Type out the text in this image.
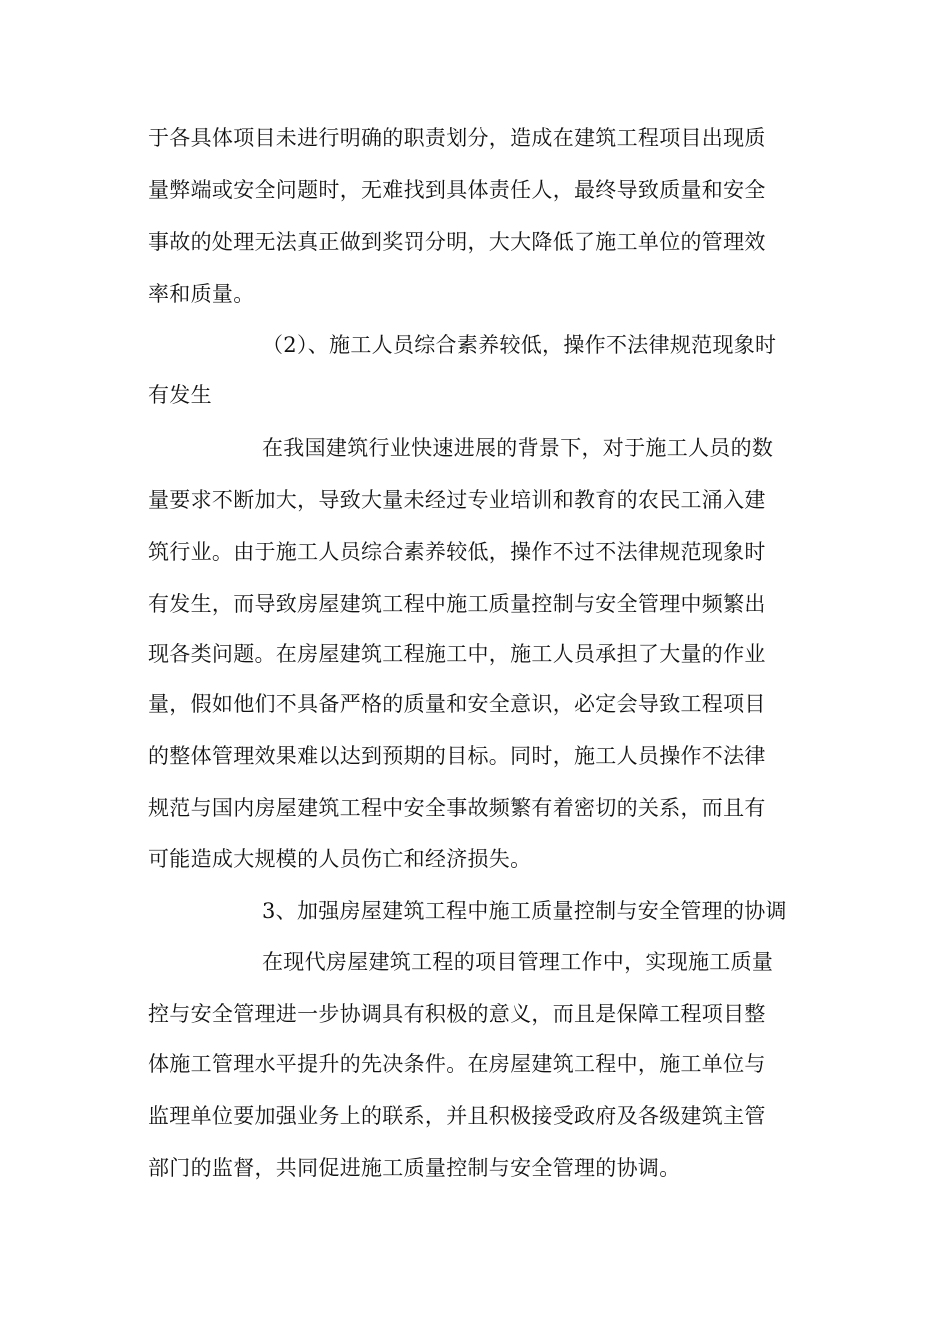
于各具体项目未进行明确的职责划分，造成在建筑工程项目出现质
量弊端或安全问题时，无难找到具体责任人，最终导致质量和安全
事故的处理无法真正做到奖罚分明，大大降低了施工单位的管理效
率和质量。
（2）、施工人员综合素养较低，操作不法律规范现象时
有发生
在我国建筑行业快速进展的背景下，对于施工人员的数
量要求不断加大，导致大量未经过专业培训和教育的农民工涌入建
筑行业。由于施工人员综合素养较低，操作不过不法律规范现象时
有发生，而导致房屋建筑工程中施工质量控制与安全管理中频繁出
现各类问题。在房屋建筑工程施工中，施工人员承担了大量的作业
量，假如他们不具备严格的质量和安全意识，必定会导致工程项目
的整体管理效果难以达到预期的目标。同时，施工人员操作不法律
规范与国内房屋建筑工程中安全事故频繁有着密切的关系，而且有
可能造成大规模的人员伤亡和经济损失。
3、加强房屋建筑工程中施工质量控制与安全管理的协调
在现代房屋建筑工程的项目管理工作中，实现施工质量
控与安全管理进一步协调具有积极的意义，而且是保障工程项目整
体施工管理水平提升的先决条件。在房屋建筑工程中，施工单位与
监理单位要加强业务上的联系，并且积极接受政府及各级建筑主管
部门的监督，共同促进施工质量控制与安全管理的协调。
